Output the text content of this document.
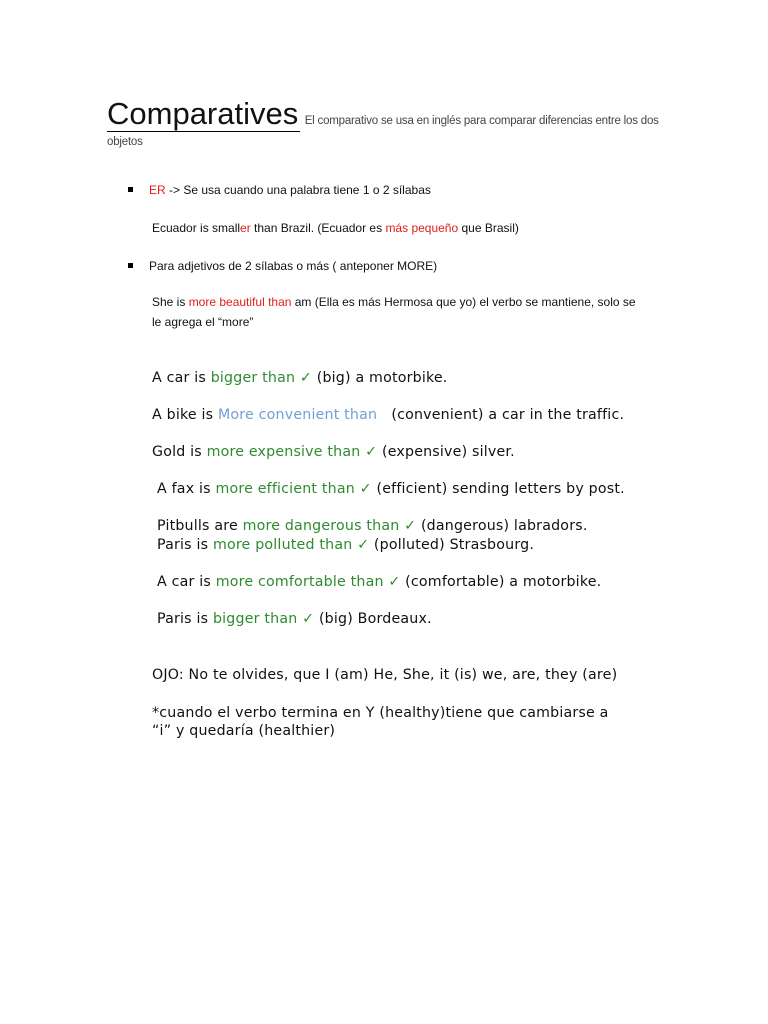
Comparatives El comparativo se usa en inglés para comparar diferencias entre los dos
objetos
ER -> Se usa cuando una palabra tiene 1 o 2 sílabas
Ecuador is smaller than Brazil. (Ecuador es más pequeño que Brasil)
Para adjetivos de 2 sílabas o más ( anteponer MORE)
She is more beautiful than am (Ella es más Hermosa que yo) el verbo se mantiene, solo se
le agrega el “more”
A car is bigger than ✓ (big) a motorbike.
A bike is More convenient than   (convenient) a car in the traffic.
Gold is more expensive than ✓ (expensive) silver.
A fax is more efficient than ✓ (efficient) sending letters by post.
Pitbulls are more dangerous than ✓ (dangerous) labradors.
Paris is more polluted than ✓ (polluted) Strasbourg.
A car is more comfortable than ✓ (comfortable) a motorbike.
Paris is bigger than ✓ (big) Bordeaux.
OJO: No te olvides, que I (am) He, She, it (is) we, are, they (are)
*cuando el verbo termina en Y (healthy)tiene que cambiarse a
“i” y quedaría (healthier)
